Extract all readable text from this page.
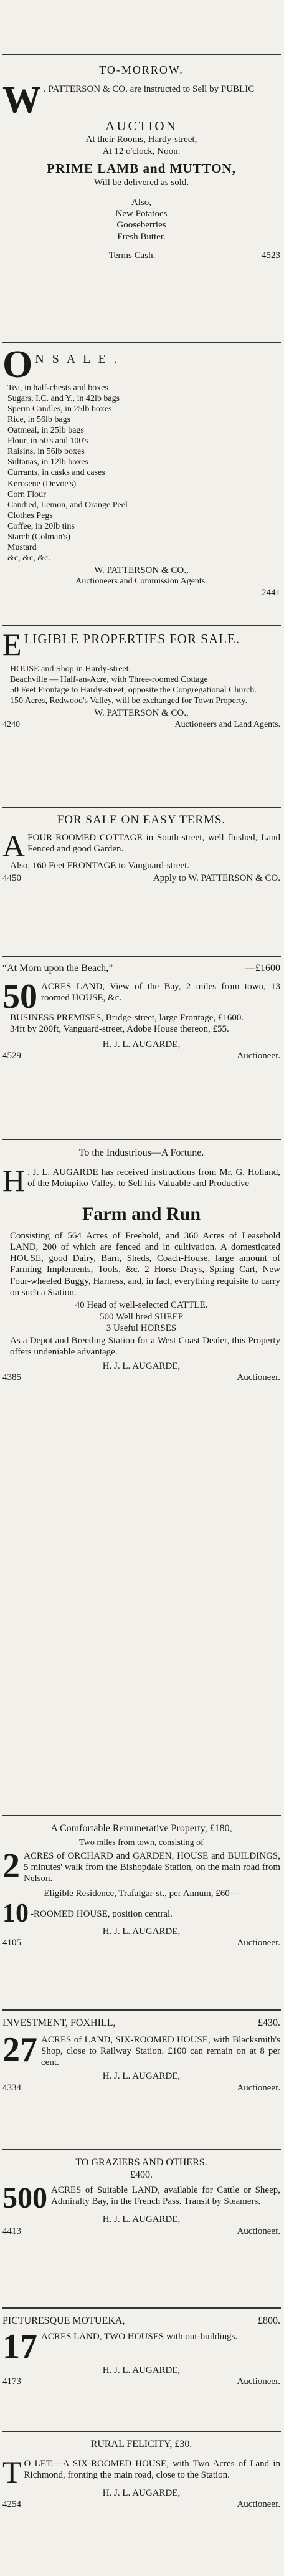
TO-MORROW.
W . PATTERSON & CO. are instructed to Sell by PUBLIC
AUCTION
At their Rooms, Hardy-street,
At 12 o'clock, Noon.
PRIME LAMB and MUTTON,
Will be delivered as sold.
Also,
New Potatoes
Gooseberries
Fresh Butter.
Terms Cash.	4523
O N S A L E .
Tea, in half-chests and boxes
Sugars, I.C. and Y., in 42lb bags
Sperm Candles, in 25lb boxes
Rice, in 56lb bags
Oatmeal, in 25lb bags
Flour, in 50's and 100's
Raisins, in 56lb boxes
Sultanas, in 12lb boxes
Currants, in casks and cases
Kerosene (Devoe's)
Corn Flour
Candied, Lemon, and Orange Peel
Clothes Pegs
Coffee, in 20lb tins
Starch (Colman's)
Mustard
&c, &c, &c.
W. PATTERSON & CO.,
Auctioneers and Commission Agents.
2441
E LIGIBLE PROPERTIES FOR SALE.
HOUSE and Shop in Hardy-street.
Beachville — Half-an-Acre, with Three-roomed Cottage
50 Feet Frontage to Hardy-street, opposite the Congregational Church.
150 Acres, Redwood's Valley, will be exchanged for Town Property.
W. PATTERSON & CO.,
4240	Auctioneers and Land Agents.
FOR SALE ON EASY TERMS.
A FOUR-ROOMED COTTAGE in South-street, well flushed, Land Fenced and good Garden.
Also, 160 Feet FRONTAGE to Vanguard-street.
4450	Apply to W. PATTERSON & CO.
“At Morn upon the Beach,”	—£1600
50 ACRES LAND, View of the Bay, 2 miles from town, 13 roomed HOUSE, &c.
BUSINESS PREMISES, Bridge-street, large Frontage, £1600.
34ft by 200ft, Vanguard-street, Adobe House thereon, £55.
H. J. L. AUGARDE,
4529	Auctioneer.
To the Industrious—A Fortune.
H . J. L. AUGARDE has received instructions from Mr. G. Holland, of the Motupiko Valley, to Sell his Valuable and Productive
Farm and Run
Consisting of 564 Acres of Freehold, and 360 Acres of Leasehold LAND, 200 of which are fenced and in cultivation. A domesticated HOUSE, good Dairy, Barn, Sheds, Coach-House, large amount of Farming Implements, Tools, &c. 2 Horse-Drays, Spring Cart, New Four-wheeled Buggy, Harness, and, in fact, everything requisite to carry on such a Station.
40 Head of well-selected CATTLE.
500 Well bred SHEEP
3 Useful HORSES
As a Depot and Breeding Station for a West Coast Dealer, this Property offers undeniable advantage.
H. J. L. AUGARDE,
4385	Auctioneer.
A Comfortable Remunerative Property, £180,
Two miles from town, consisting of
2 ACRES of ORCHARD and GARDEN, HOUSE and BUILDINGS, 5 minutes' walk from the Bishopdale Station, on the main road from Nelson.
Eligible Residence, Trafalgar-st., per Annum, £60—
10 -ROOMED HOUSE, position central.
H. J. L. AUGARDE,
4105	Auctioneer.
INVESTMENT, FOXHILL,	£430.
27 ACRES of LAND, SIX-ROOMED HOUSE, with Blacksmith's Shop, close to Railway Station. £100 can remain on at 8 per cent.
H. J. L. AUGARDE,
4334	Auctioneer.
TO GRAZIERS AND OTHERS.
£400.
500 ACRES of Suitable LAND, available for Cattle or Sheep, Admiralty Bay, in the French Pass. Transit by Steamers.
H. J. L. AUGARDE,
4413	Auctioneer.
PICTURESQUE MOTUEKA,	£800.
17 ACRES LAND, TWO HOUSES with out-buildings.
H. J. L. AUGARDE,
4173	Auctioneer.
RURAL FELICITY, £30.
T O LET.—A SIX-ROOMED HOUSE, with Two Acres of Land in Richmond, fronting the main road, close to the Station.
H. J. L. AUGARDE,
4254	Auctioneer.
